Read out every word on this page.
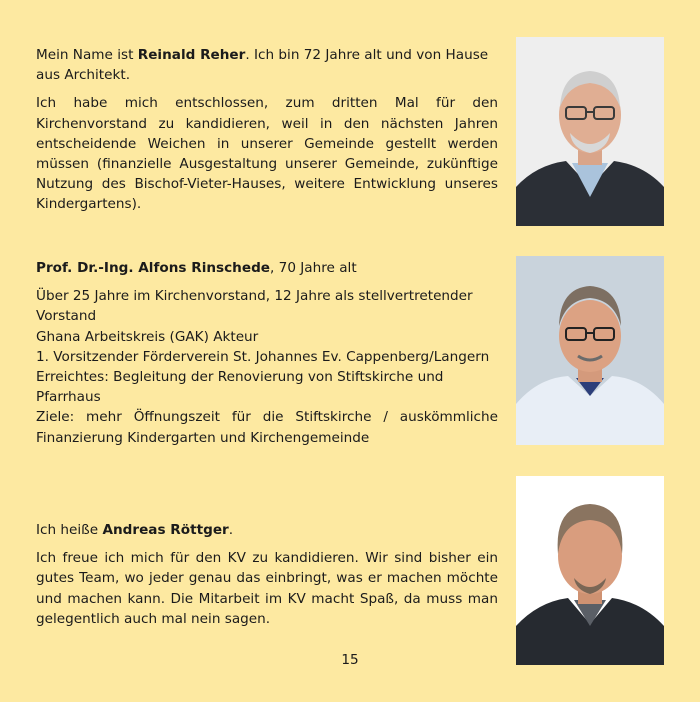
Mein Name ist Reinald Reher. Ich bin 72 Jahre alt und von Hause aus Architekt.

Ich habe mich entschlossen, zum dritten Mal für den Kirchenvorstand zu kandidieren, weil in den nächsten Jahren entscheidende Weichen in unserer Gemeinde gestellt werden müssen (finanzielle Ausgestaltung unserer Gemeinde, zukünftige Nutzung des Bischof-Vieter-Hauses, weitere Entwicklung unseres Kindergartens).

Prof. Dr.-Ing. Alfons Rinschede, 70 Jahre alt

Über 25 Jahre im Kirchenvorstand, 12 Jahre als stellvertretender Vorstand

Ghana Arbeitskreis (GAK) Akteur

1. Vorsitzender Förderverein St. Johannes Ev. Cappenberg/Langern

Erreichtes: Begleitung der Renovierung von Stiftskirche und Pfarrhaus

Ziele: mehr Öffnungszeit für die Stiftskirche / auskömmliche Finanzierung Kindergarten und Kirchengemeinde

Ich heiße Andreas Röttger.

Ich freue ich mich für den KV zu kandidieren. Wir sind bisher ein gutes Team, wo jeder genau das einbringt, was er machen möchte und machen kann. Die Mitarbeit im KV macht Spaß, da muss man gelegentlich auch mal nein sagen.

15
